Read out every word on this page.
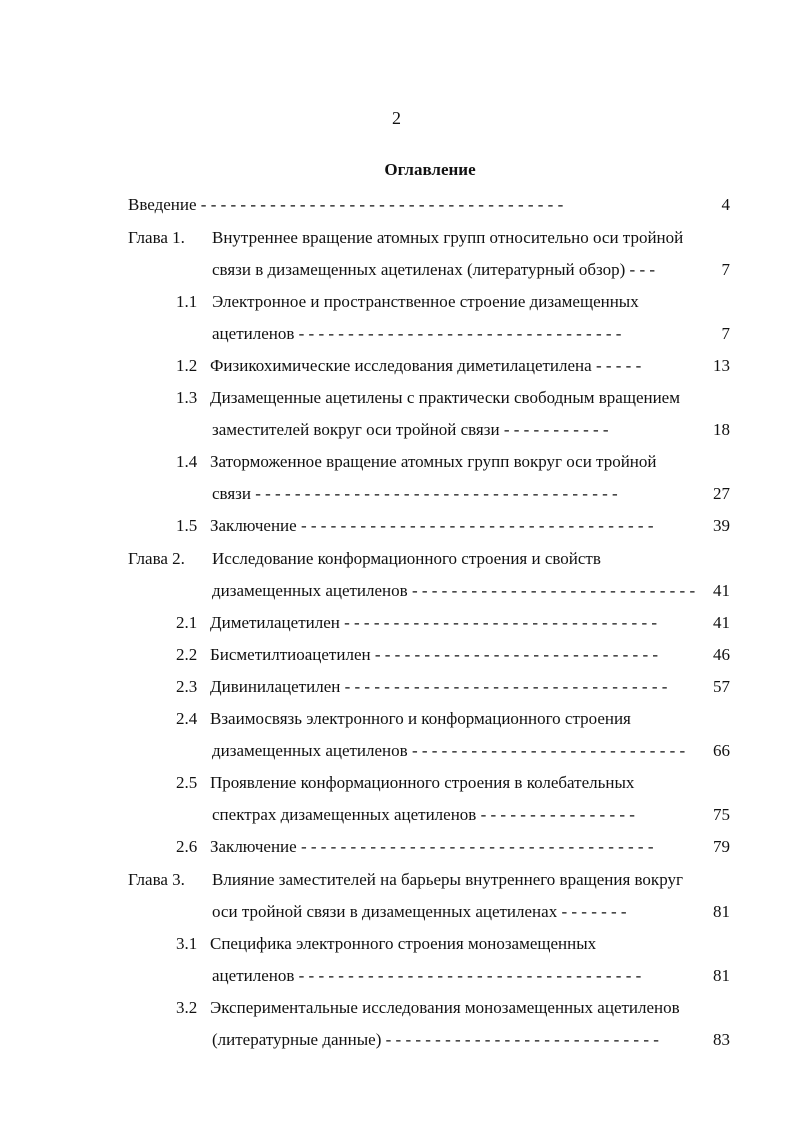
2
Оглавление
Введение - - - - - - - - - - - - - - - - - - - - - - - - - - - - - - - - - - - - -	4
Глава 1. Внутреннее вращение атомных групп относительно оси тройной
связи в дизамещенных ацетиленах (литературный обзор) - - -	7
1.1 Электронное и пространственное строение дизамещенных
ацетиленов - - - - - - - - - - - - - - - - - - - - - - - - - - - - - - - - -	7
1.2 Физикохимические исследования диметилацетилена - - - - -	13
1.3 Дизамещенные ацетилены с практически свободным вращением
заместителей вокруг оси тройной связи - - - - - - - - - - -	18
1.4 Заторможенное вращение атомных групп вокруг оси тройной
связи - - - - - - - - - - - - - - - - - - - - - - - - - - - - - - - - - - - - -	27
1.5 Заключение - - - - - - - - - - - - - - - - - - - - - - - - - - - - - - - - - - - -	39
Глава 2. Исследование конформационного строения и свойств
дизамещенных ацетиленов - - - - - - - - - - - - - - - - - - - - - - - - - - - - -	41
2.1 Диметилацетилен - - - - - - - - - - - - - - - - - - - - - - - - - - - - - - - -	41
2.2 Бисметилтиоацетилен - - - - - - - - - - - - - - - - - - - - - - - - - - - - -	46
2.3 Дивинилацетилен - - - - - - - - - - - - - - - - - - - - - - - - - - - - - - - - -	57
2.4 Взаимосвязь электронного и конформационного строения
дизамещенных ацетиленов - - - - - - - - - - - - - - - - - - - - - - - - - - - -	66
2.5 Проявление конформационного строения в колебательных
спектрах дизамещенных ацетиленов - - - - - - - - - - - - - - - -	75
2.6 Заключение - - - - - - - - - - - - - - - - - - - - - - - - - - - - - - - - - - - -	79
Глава 3. Влияние заместителей на барьеры внутреннего вращения вокруг
оси тройной связи в дизамещенных ацетиленах - - - - - - -	81
3.1 Специфика электронного строения монозамещенных
ацетиленов - - - - - - - - - - - - - - - - - - - - - - - - - - - - - - - - - - -	81
3.2 Экспериментальные исследования монозамещенных ацетиленов
(литературные данные) - - - - - - - - - - - - - - - - - - - - - - - - - - - -	83
